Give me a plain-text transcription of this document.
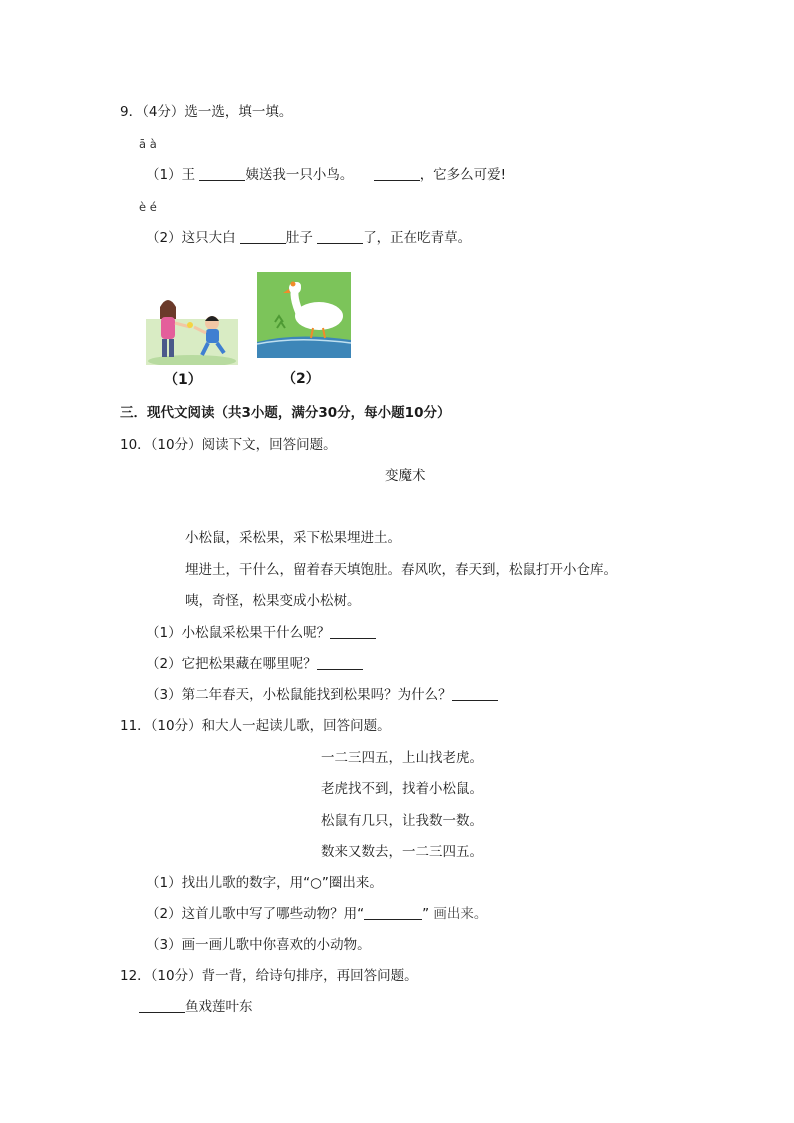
9．（4分）选一选，填一填。
ā à
（1）王	姨送我一只小鸟。	，它多么可爱!
è é
（2）这只大白	肚子	了，正在吃青草。
（1）	（2）
三．现代文阅读（共3小题，满分30分，每小题10分）
10．（10分）阅读下文，回答问题。
变魔术
小松鼠，采松果，采下松果埋进土。
埋进土，干什么，留着春天填饱肚。春风吹，春天到，松鼠打开小仓库。
咦，奇怪，松果变成小松树。
（1）小松鼠采松果干什么呢？
（2）它把松果藏在哪里呢？
（3）第二年春天，小松鼠能找到松果吗？为什么？
11．（10分）和大人一起读儿歌，回答问题。
一二三四五，上山找老虎。
老虎找不到，找着小松鼠。
松鼠有几只，让我数一数。
数来又数去，一二三四五。
（1）找出儿歌的数字，用“○”圈出来。
（2）这首儿歌中写了哪些动物？用“	” 画出来。
（3）画一画儿歌中你喜欢的小动物。
12．（10分）背一背，给诗句排序，再回答问题。
鱼戏莲叶东
